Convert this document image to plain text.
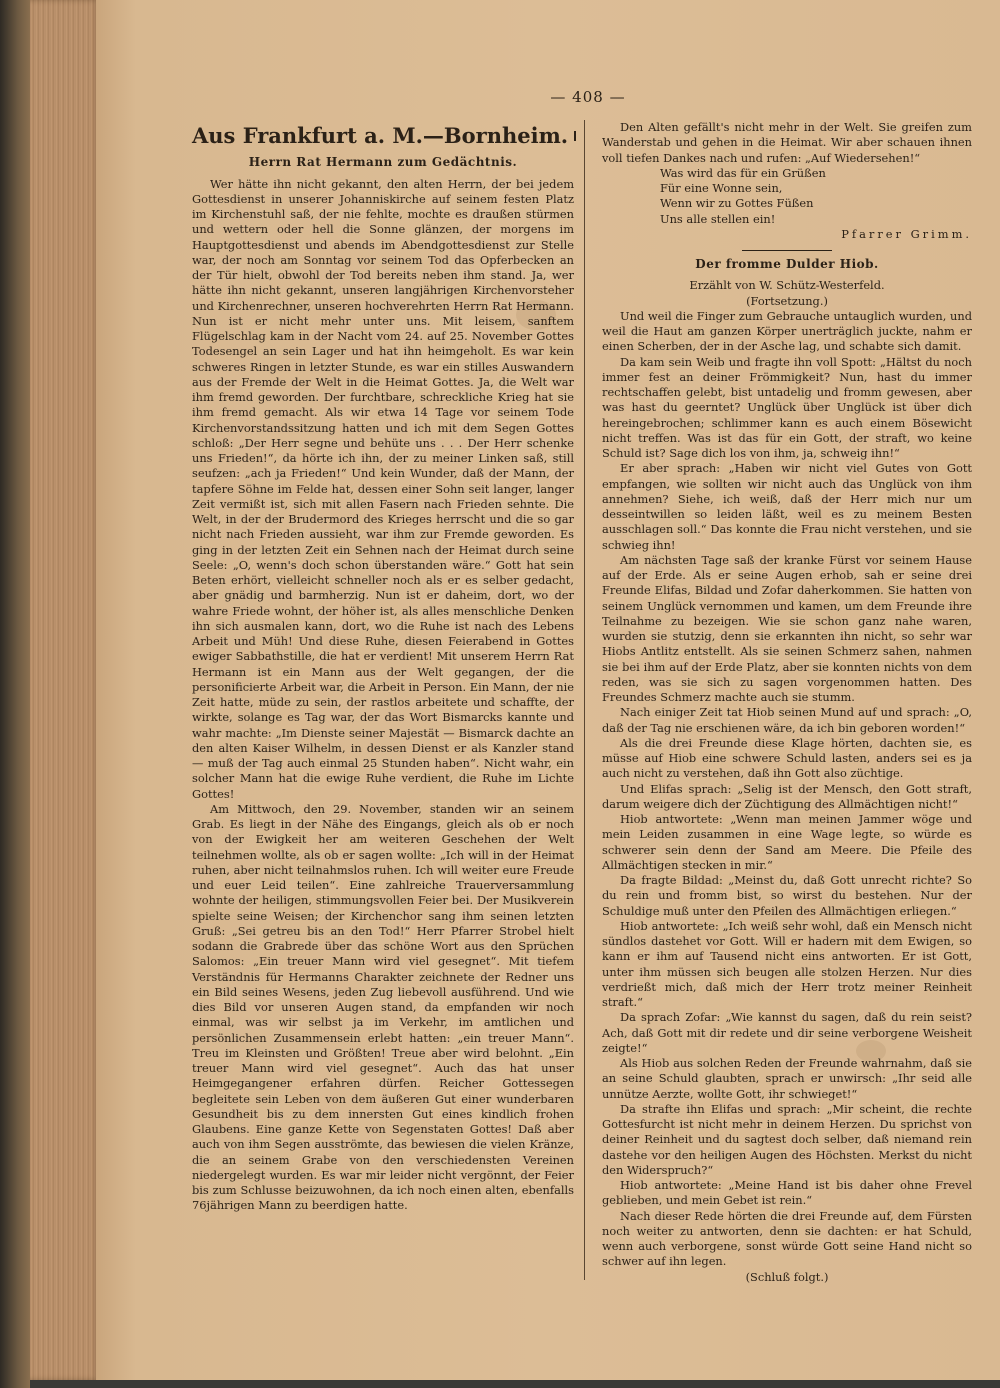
— 408 —
Aus Frankfurt a. M.—Bornheim.
Herrn Rat Hermann zum Gedächtnis.

Wer hätte ihn nicht gekannt, den alten Herrn, der bei jedem Gottesdienst in unserer Johanniskirche auf seinem festen Platz im Kirchenstuhl saß, der nie fehlte, mochte es draußen stürmen und wettern oder hell die Sonne glänzen, der morgens im Hauptgottesdienst und abends im Abendgottesdienst zur Stelle war, der noch am Sonntag vor seinem Tod das Opferbecken an der Tür hielt, obwohl der Tod bereits neben ihm stand. Ja, wer hätte ihn nicht gekannt, unseren langjährigen Kirchenvorsteher und Kirchenrechner, unseren hochverehrten Herrn Rat Hermann. Nun ist er nicht mehr unter uns. Mit leisem, sanftem Flügelschlag kam in der Nacht vom 24. auf 25. November Gottes Todesengel an sein Lager und hat ihn heimgeholt. Es war kein schweres Ringen in letzter Stunde, es war ein stilles Auswandern aus der Fremde der Welt in die Heimat Gottes. Ja, die Welt war ihm fremd geworden. Der furchtbare, schreckliche Krieg hat sie ihm fremd gemacht. Als wir etwa 14 Tage vor seinem Tode Kirchenvorstandssitzung hatten und ich mit dem Segen Gottes schloß: „Der Herr segne und behüte uns . . . Der Herr schenke uns Frieden!“, da hörte ich ihn, der zu meiner Linken saß, still seufzen: „ach ja Frieden!“ Und kein Wunder, daß der Mann, der tapfere Söhne im Felde hat, dessen einer Sohn seit langer, langer Zeit vermißt ist, sich mit allen Fasern nach Frieden sehnte. Die Welt, in der der Brudermord des Krieges herrscht und die so gar nicht nach Frieden aussieht, war ihm zur Fremde geworden. Es ging in der letzten Zeit ein Sehnen nach der Heimat durch seine Seele: „O, wenn's doch schon überstanden wäre.“ Gott hat sein Beten erhört, vielleicht schneller noch als er es selber gedacht, aber gnädig und barmherzig. Nun ist er daheim, dort, wo der wahre Friede wohnt, der höher ist, als alles menschliche Denken ihn sich ausmalen kann, dort, wo die Ruhe ist nach des Lebens Arbeit und Müh! Und diese Ruhe, diesen Feierabend in Gottes ewiger Sabbathstille, die hat er verdient! Mit unserem Herrn Rat Hermann ist ein Mann aus der Welt gegangen, der die personificierte Arbeit war, die Arbeit in Person. Ein Mann, der nie Zeit hatte, müde zu sein, der rastlos arbeitete und schaffte, der wirkte, solange es Tag war, der das Wort Bismarcks kannte und wahr machte: „Im Dienste seiner Majestät — Bismarck dachte an den alten Kaiser Wilhelm, in dessen Dienst er als Kanzler stand — muß der Tag auch einmal 25 Stunden haben“. Nicht wahr, ein solcher Mann hat die ewige Ruhe verdient, die Ruhe im Lichte Gottes!

Am Mittwoch, den 29. November, standen wir an seinem Grab. Es liegt in der Nähe des Eingangs, gleich als ob er noch von der Ewigkeit her am weiteren Geschehen der Welt teilnehmen wollte, als ob er sagen wollte: „Ich will in der Heimat ruhen, aber nicht teilnahmslos ruhen. Ich will weiter eure Freude und euer Leid teilen“. Eine zahlreiche Trauerversammlung wohnte der heiligen, stimmungsvollen Feier bei. Der Musikverein spielte seine Weisen; der Kirchenchor sang ihm seinen letzten Gruß: „Sei getreu bis an den Tod!“ Herr Pfarrer Strobel hielt sodann die Grabrede über das schöne Wort aus den Sprüchen Salomos: „Ein treuer Mann wird viel gesegnet“. Mit tiefem Verständnis für Hermanns Charakter zeichnete der Redner uns ein Bild seines Wesens, jeden Zug liebevoll ausführend. Und wie dies Bild vor unseren Augen stand, da empfanden wir noch einmal, was wir selbst ja im Verkehr, im amtlichen und persönlichen Zusammensein erlebt hatten: „ein treuer Mann“. Treu im Kleinsten und Größten! Treue aber wird belohnt. „Ein treuer Mann wird viel gesegnet“. Auch das hat unser Heimgegangener erfahren dürfen. Reicher Gottessegen begleitete sein Leben von dem äußeren Gut einer wunderbaren Gesundheit bis zu dem innersten Gut eines kindlich frohen Glaubens. Eine ganze Kette von Segenstaten Gottes! Daß aber auch von ihm Segen ausströmte, das bewiesen die vielen Kränze, die an seinem Grabe von den verschiedensten Vereinen niedergelegt wurden. Es war mir leider nicht vergönnt, der Feier bis zum Schlusse beizuwohnen, da ich noch einen alten, ebenfalls 76jährigen Mann zu beerdigen hatte.

Den Alten gefällt's nicht mehr in der Welt. Sie greifen zum Wanderstab und gehen in die Heimat. Wir aber schauen ihnen voll tiefen Dankes nach und rufen: „Auf Wiedersehen!“

Was wird das für ein Grüßen

Für eine Wonne sein,

Wenn wir zu Gottes Füßen

Uns alle stellen ein!

Pfarrer Grimm.
Der fromme Dulder Hiob.
Erzählt von W. Schütz-Westerfeld.
(Fortsetzung.)

Und weil die Finger zum Gebrauche untauglich wurden, und weil die Haut am ganzen Körper unerträglich juckte, nahm er einen Scherben, der in der Asche lag, und schabte sich damit.

Da kam sein Weib und fragte ihn voll Spott: „Hältst du noch immer fest an deiner Frömmigkeit? Nun, hast du immer rechtschaffen gelebt, bist untadelig und fromm gewesen, aber was hast du geerntet? Unglück über Unglück ist über dich hereingebrochen; schlimmer kann es auch einem Bösewicht nicht treffen. Was ist das für ein Gott, der straft, wo keine Schuld ist? Sage dich los von ihm, ja, schweig ihn!“

Er aber sprach: „Haben wir nicht viel Gutes von Gott empfangen, wie sollten wir nicht auch das Unglück von ihm annehmen? Siehe, ich weiß, daß der Herr mich nur um desseintwillen so leiden läßt, weil es zu meinem Besten ausschlagen soll.“ Das konnte die Frau nicht verstehen, und sie schwieg ihn!

Am nächsten Tage saß der kranke Fürst vor seinem Hause auf der Erde. Als er seine Augen erhob, sah er seine drei Freunde Elifas, Bildad und Zofar daherkommen. Sie hatten von seinem Unglück vernommen und kamen, um dem Freunde ihre Teilnahme zu bezeigen. Wie sie schon ganz nahe waren, wurden sie stutzig, denn sie erkannten ihn nicht, so sehr war Hiobs Antlitz entstellt. Als sie seinen Schmerz sahen, nahmen sie bei ihm auf der Erde Platz, aber sie konnten nichts von dem reden, was sie sich zu sagen vorgenommen hatten. Des Freundes Schmerz machte auch sie stumm.

Nach einiger Zeit tat Hiob seinen Mund auf und sprach: „O, daß der Tag nie erschienen wäre, da ich bin geboren worden!“

Als die drei Freunde diese Klage hörten, dachten sie, es müsse auf Hiob eine schwere Schuld lasten, anders sei es ja auch nicht zu verstehen, daß ihn Gott also züchtige.

Und Elifas sprach: „Selig ist der Mensch, den Gott straft, darum weigere dich der Züchtigung des Allmächtigen nicht!“

Hiob antwortete: „Wenn man meinen Jammer wöge und mein Leiden zusammen in eine Wage legte, so würde es schwerer sein denn der Sand am Meere. Die Pfeile des Allmächtigen stecken in mir.“

Da fragte Bildad: „Meinst du, daß Gott unrecht richte? So du rein und fromm bist, so wirst du bestehen. Nur der Schuldige muß unter den Pfeilen des Allmächtigen erliegen.“

Hiob antwortete: „Ich weiß sehr wohl, daß ein Mensch nicht sündlos dastehet vor Gott. Will er hadern mit dem Ewigen, so kann er ihm auf Tausend nicht eins antworten. Er ist Gott, unter ihm müssen sich beugen alle stolzen Herzen. Nur dies verdrießt mich, daß mich der Herr trotz meiner Reinheit straft.“

Da sprach Zofar: „Wie kannst du sagen, daß du rein seist? Ach, daß Gott mit dir redete und dir seine verborgene Weisheit zeigte!“

Als Hiob aus solchen Reden der Freunde wahrnahm, daß sie an seine Schuld glaubten, sprach er unwirsch: „Ihr seid alle unnütze Aerzte, wollte Gott, ihr schwieget!“

Da strafte ihn Elifas und sprach: „Mir scheint, die rechte Gottesfurcht ist nicht mehr in deinem Herzen. Du sprichst von deiner Reinheit und du sagtest doch selber, daß niemand rein dastehe vor den heiligen Augen des Höchsten. Merkst du nicht den Widerspruch?“

Hiob antwortete: „Meine Hand ist bis daher ohne Frevel geblieben, und mein Gebet ist rein.“

Nach dieser Rede hörten die drei Freunde auf, dem Fürsten noch weiter zu antworten, denn sie dachten: er hat Schuld, wenn auch verborgene, sonst würde Gott seine Hand nicht so schwer auf ihn legen.

(Schluß folgt.)
